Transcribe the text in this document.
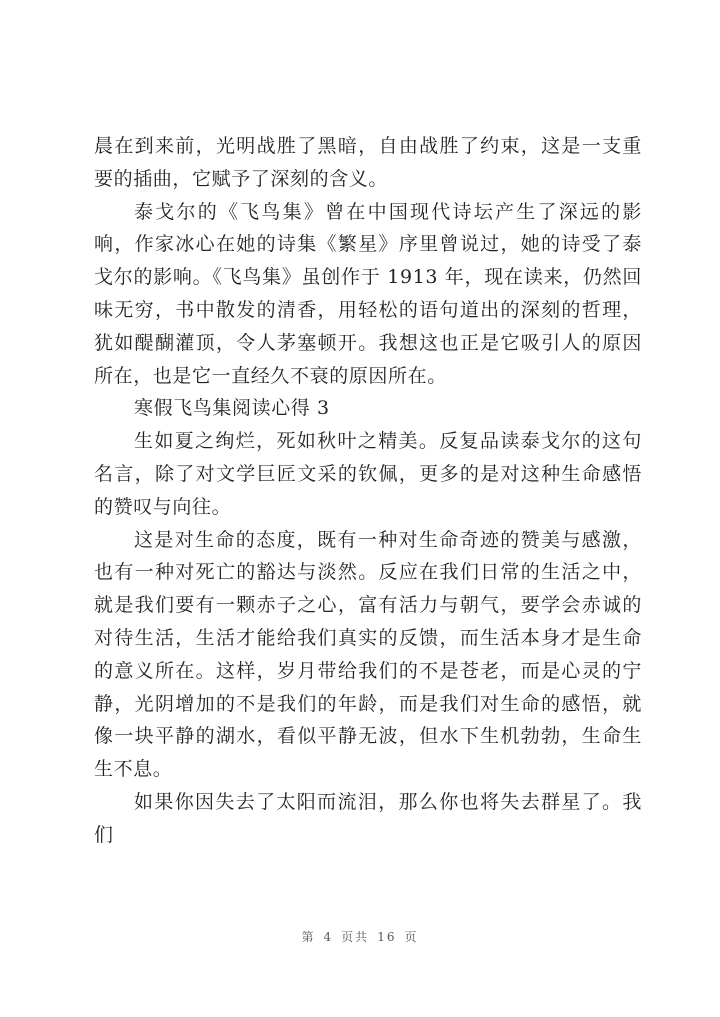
晨在到来前，光明战胜了黑暗，自由战胜了约束，这是一支重要的插曲，它赋予了深刻的含义。

泰戈尔的《飞鸟集》曾在中国现代诗坛产生了深远的影响，作家冰心在她的诗集《繁星》序里曾说过，她的诗受了泰戈尔的影响。《飞鸟集》虽创作于 1913 年，现在读来，仍然回味无穷，书中散发的清香，用轻松的语句道出的深刻的哲理，犹如醍醐灌顶，令人茅塞顿开。我想这也正是它吸引人的原因所在，也是它一直经久不衰的原因所在。

寒假飞鸟集阅读心得 3

生如夏之绚烂，死如秋叶之精美。反复品读泰戈尔的这句名言，除了对文学巨匠文采的钦佩，更多的是对这种生命感悟的赞叹与向往。

这是对生命的态度，既有一种对生命奇迹的赞美与感激，也有一种对死亡的豁达与淡然。反应在我们日常的生活之中，就是我们要有一颗赤子之心，富有活力与朝气，要学会赤诚的对待生活，生活才能给我们真实的反馈，而生活本身才是生命的意义所在。这样，岁月带给我们的不是苍老，而是心灵的宁静，光阴增加的不是我们的年龄，而是我们对生命的感悟，就像一块平静的湖水，看似平静无波，但水下生机勃勃，生命生生不息。

如果你因失去了太阳而流泪，那么你也将失去群星了。我们

第 4 页共 16 页
